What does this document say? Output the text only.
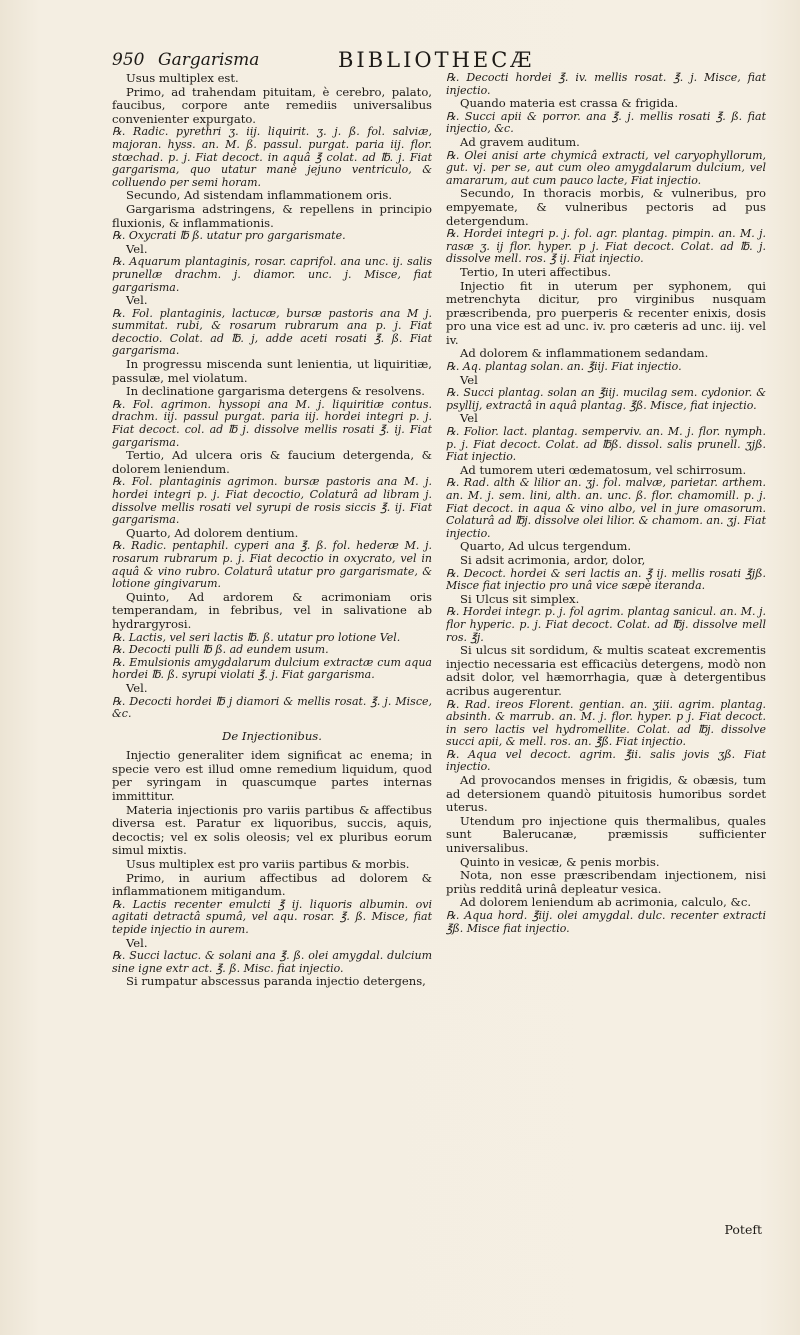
950 Gargarisma	BIBLIOTHECÆ

Usus multiplex est.

Primo, ad trahendam pituitam, è cerebro, palato, faucibus, corpore ante remediis universalibus convenienter expurgato.

℞. Radic. pyrethri ʒ. iij. liquirit. ʒ. j. ß. fol. salviæ, majoran. hyss. an. M. ß. passul. purgat. paria iij. flor. stœchad. p. j. Fiat decoct. in aquâ ℥ colat. ad ℔. j. Fiat gargarisma, quo utatur manè jejuno ventriculo, & colluendo per semi horam.

Secundo, Ad sistendam inflammationem oris.

Gargarisma adstringens, & repellens in principio fluxionis, & inflammationis.

℞. Oxycrati ℔ ß. utatur pro gargarismate.

Vel.

℞. Aquarum plantaginis, rosar. caprifol. ana unc. ij. salis prunellæ drachm. j. diamor. unc. j. Misce, fiat gargarisma.

Vel.

℞. Fol. plantaginis, lactucæ, bursæ pastoris ana M j. summitat. rubi, & rosarum rubrarum ana p. j. Fiat decoctio. Colat. ad ℔. j, adde aceti rosati ℥. ß. Fiat gargarisma.

In progressu miscenda sunt lenientia, ut liquiritiæ, passulæ, mel violatum.

In declinatione gargarisma detergens & resolvens.

℞. Fol. agrimon. hyssopi ana M. j. liquiritiæ contus. drachm. iij. passul purgat. paria iij. hordei integri p. j. Fiat decoct. col. ad ℔ j. dissolve mellis rosati ℥. ij. Fiat gargarisma.

Tertio, Ad ulcera oris & faucium detergenda, & dolorem leniendum.

℞. Fol. plantaginis agrimon. bursæ pastoris ana M. j. hordei integri p. j. Fiat decoctio, Colaturâ ad libram j. dissolve mellis rosati vel syrupi de rosis siccis ℥. ij. Fiat gargarisma.

Quarto, Ad dolorem dentium.

℞. Radic. pentaphil. cyperi ana ℥. ß. fol. hederæ M. j. rosarum rubrarum p. j. Fiat decoctio in oxycrato, vel in aquâ & vino rubro. Colaturâ utatur pro gargarismate, & lotione gingivarum.

Quinto, Ad ardorem & acrimoniam oris temperandam, in febribus, vel in salivatione ab hydrargyrosi.

℞. Lactis, vel seri lactis ℔. ß. utatur pro lotione Vel.

℞. Decocti pulli ℔ ß. ad eundem usum.

℞. Emulsionis amygdalarum dulcium extractæ cum aqua hordei ℔. ß. syrupi violati ℥. j. Fiat gargarisma.

Vel.

℞. Decocti hordei ℔ j diamori & mellis rosat. ℥. j. Misce, &c.

De Injectionibus.

Injectio generaliter idem significat ac enema; in specie vero est illud omne remedium liquidum, quod per syringam in quascumque partes internas immittitur.

Materia injectionis pro variis partibus & affectibus diversa est. Paratur ex liquoribus, succis, aquis, decoctis; vel ex solis oleosis; vel ex pluribus eorum simul mixtis.

Usus multiplex est pro variis partibus & morbis.

Primo, in aurium affectibus ad dolorem & inflammationem mitigandum.

℞. Lactis recenter emulcti ℥ ij. liquoris albumin. ovi agitati detractâ spumâ, vel aqu. rosar. ℥. ß. Misce, fiat tepide injectio in aurem.

Vel.

℞. Succi lactuc. & solani ana ℥. ß. olei amygdal. dulcium sine igne extr act. ℥. ß. Misc. fiat injectio.

Si rumpatur abscessus paranda injectio detergens,

℞. Decocti hordei ℥. iv. mellis rosat. ℥. j. Misce, fiat injectio.

Quando materia est crassa & frigida.

℞. Succi apii & porror. ana ℥. j. mellis rosati ℥. ß. fiat injectio, &c.

Ad gravem auditum.

℞. Olei anisi arte chymicâ extracti, vel caryophyllorum, gut. vj. per se, aut cum oleo amygdalarum dulcium, vel amararum, aut cum pauco lacte, Fiat injectio.

Secundo, In thoracis morbis, & vulneribus, pro empyemate, & vulneribus pectoris ad pus detergendum.

℞. Hordei integri p. j. fol. agr. plantag. pimpin. an. M. j. rasæ ʒ. ij flor. hyper. p j. Fiat decoct. Colat. ad ℔. j. dissolve mell. ros. ℥ ij. Fiat injectio.

Tertio, In uteri affectibus.

Injectio fit in uterum per syphonem, qui metrenchyta dicitur, pro virginibus nusquam præscribenda, pro puerperis & recenter enixis, dosis pro una vice est ad unc. iv. pro cæteris ad unc. iij. vel iv.

Ad dolorem & inflammationem sedandam.

℞. Aq. plantag solan. an. ℥iij. Fiat injectio.

Vel

℞. Succi plantag. solan an ℥iij. mucilag sem. cydonior. & psyllij, extractâ in aquâ plantag. ℥ß. Misce, fiat injectio.

Vel

℞. Folior. lact. plantag. semperviv. an. M. j. flor. nymph. p. j. Fiat decoct. Colat. ad ℔ß. dissol. salis prunell. ʒjß. Fiat injectio.

Ad tumorem uteri œdematosum, vel schirrosum.

℞. Rad. alth & lilior an. ʒj. fol. malvæ, parietar. arthem. an. M. j. sem. lini, alth. an. unc. ß. flor. chamomill. p. j. Fiat decoct. in aqua & vino albo, vel in jure omasorum. Colaturâ ad ℔j. dissolve olei lilior. & chamom. an. ʒj. Fiat injectio.

Quarto, Ad ulcus tergendum.

Si adsit acrimonia, ardor, dolor,

℞. Decoct. hordei & seri lactis an. ℥ ij. mellis rosati ℥jß. Misce fiat injectio pro unâ vice sæpè iteranda.

Si Ulcus sit simplex.

℞. Hordei integr. p. j. fol agrim. plantag sanicul. an. M. j. flor hyperic. p. j. Fiat decoct. Colat. ad ℔j. dissolve mell ros. ℥j.

Si ulcus sit sordidum, & multis scateat excrementis injectio necessaria est efficaciùs detergens, modò non adsit dolor, vel hæmorrhagia, quæ à detergentibus acribus augerentur.

℞. Rad. ireos Florent. gentian. an. ʒiii. agrim. plantag. absinth. & marrub. an. M. j. flor. hyper. p j. Fiat decoct. in sero lactis vel hydromellite. Colat. ad ℔j. dissolve succi apii, & mell. ros. an. ℥ß. Fiat injectio.

℞. Aqua vel decoct. agrim. ℥ii. salis jovis ʒß. Fiat injectio.

Ad provocandos menses in frigidis, & obæsis, tum ad detersionem quandò pituitosis humoribus sordet uterus.

Utendum pro injectione quis thermalibus, quales sunt Balerucanæ, præmissis sufficienter universalibus.

Quinto in vesicæ, & penis morbis.

Nota, non esse præscribendam injectionem, nisi priùs redditâ urinâ depleatur vesica.

Ad dolorem leniendum ab acrimonia, calculo, &c.

℞. Aqua hord. ℥iij. olei amygdal. dulc. recenter extracti ℥ß. Misce fiat injectio.

Poteft
